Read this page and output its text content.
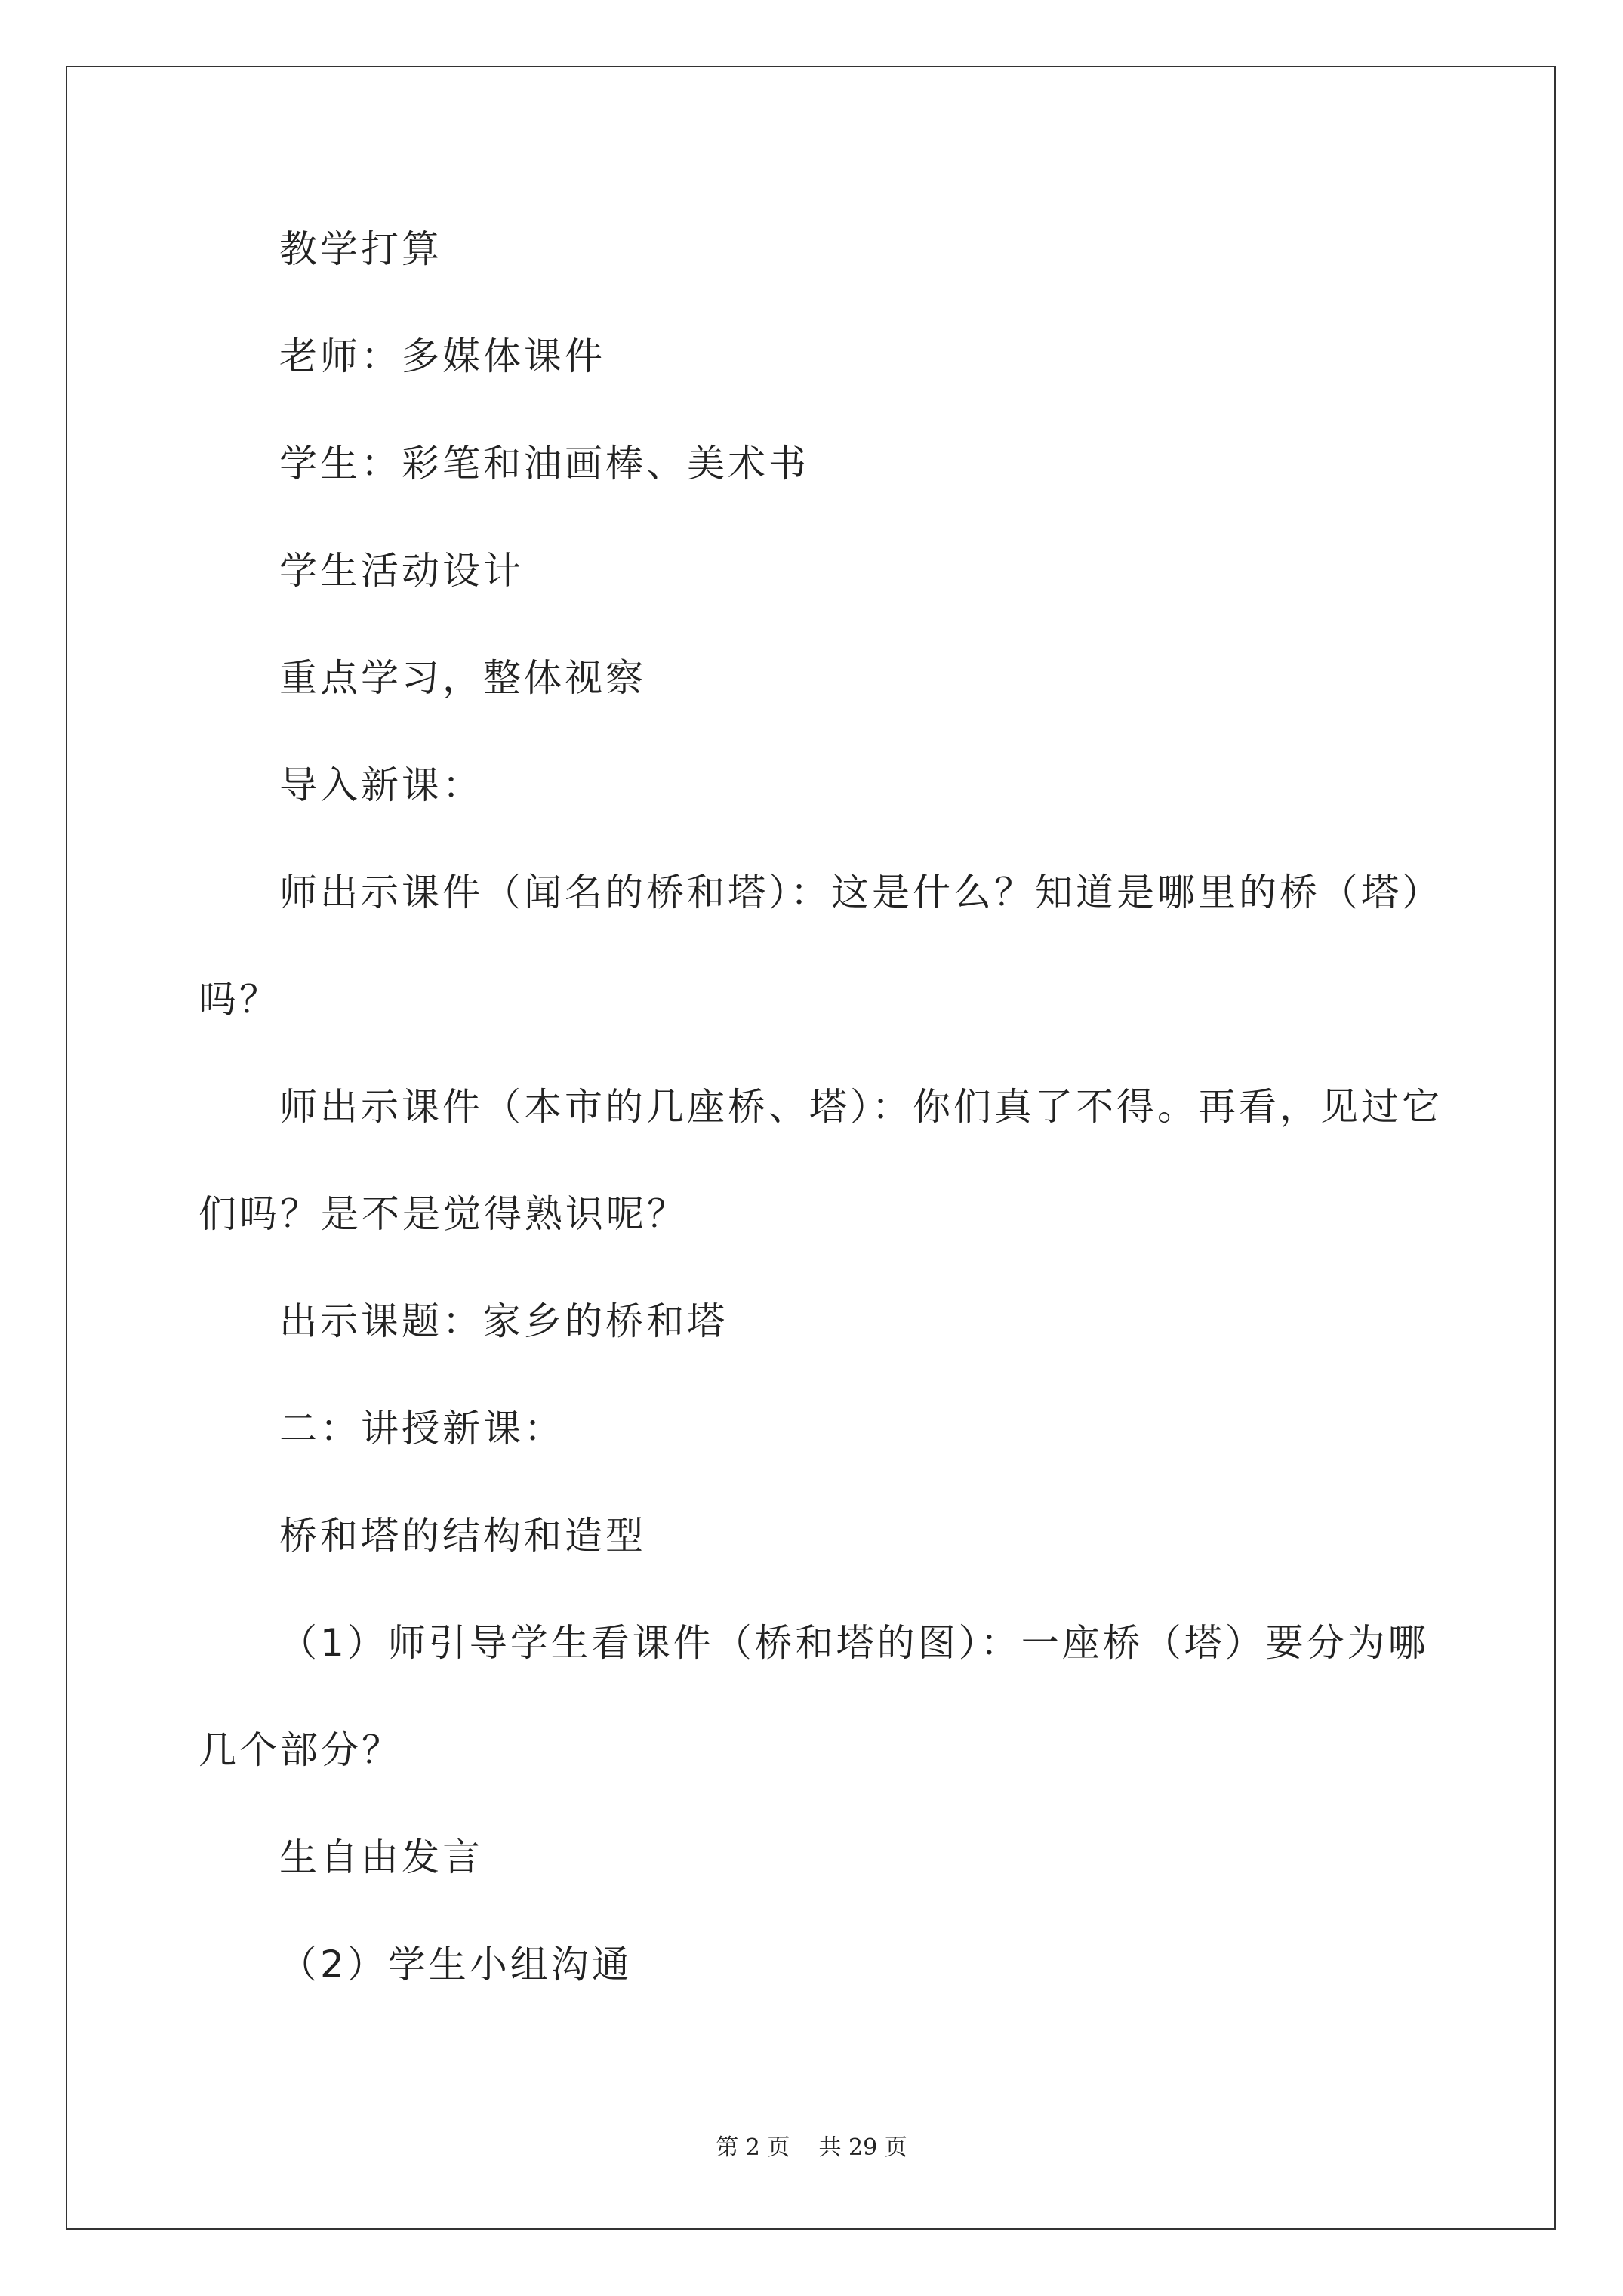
教学打算
老师：多媒体课件
学生：彩笔和油画棒、美术书
学生活动设计
重点学习，整体视察
导入新课：
师出示课件（闻名的桥和塔）：这是什么？知道是哪里的桥（塔）
吗？
师出示课件（本市的几座桥、塔）：你们真了不得。再看，见过它
们吗？是不是觉得熟识呢？
出示课题：家乡的桥和塔
二：讲授新课：
桥和塔的结构和造型
（1）师引导学生看课件（桥和塔的图）：一座桥（塔）要分为哪
几个部分？
生自由发言
（2）学生小组沟通
第 2 页    共 29 页
